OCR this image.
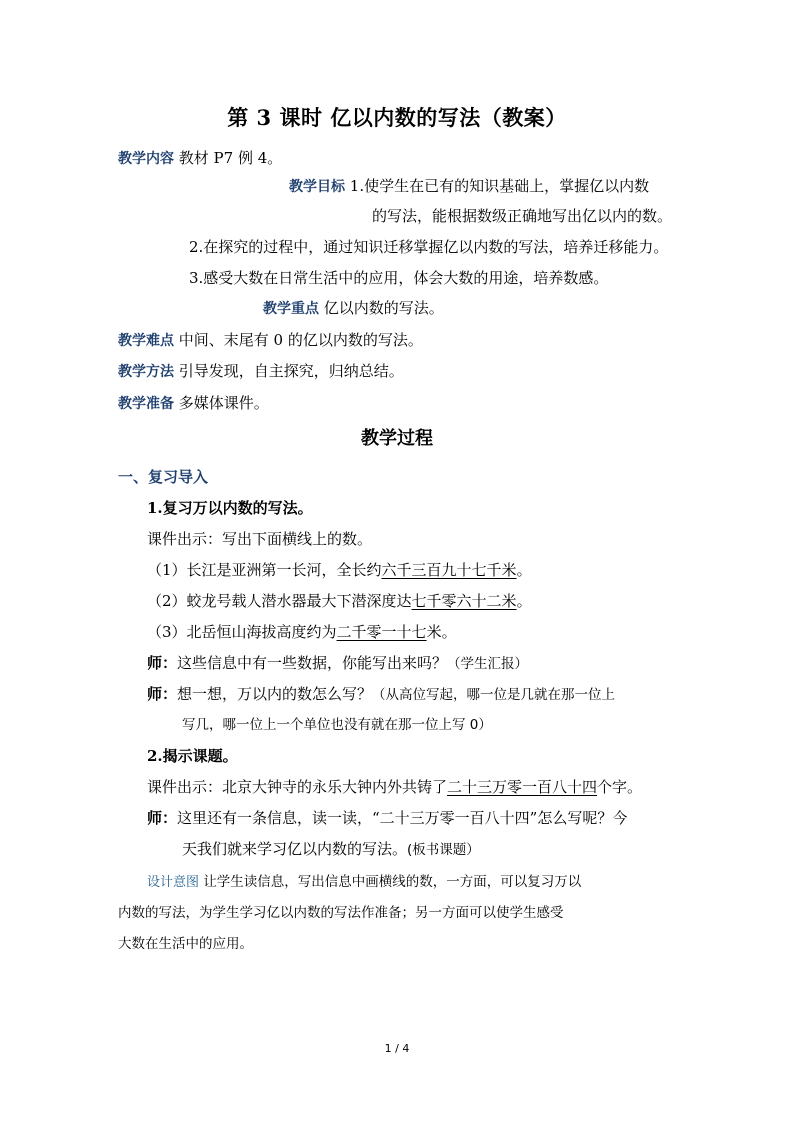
第 3 课时 亿以内数的写法（教案）
教学内容 教材 P7 例 4。
教学目标 1.使学生在已有的知识基础上，掌握亿以内数
的写法，能根据数级正确地写出亿以内的数。
2.在探究的过程中，通过知识迁移掌握亿以内数的写法，培养迁移能力。
3.感受大数在日常生活中的应用，体会大数的用途，培养数感。
教学重点 亿以内数的写法。
教学难点 中间、末尾有 0 的亿以内数的写法。
教学方法 引导发现，自主探究，归纳总结。
教学准备 多媒体课件。
教学过程
一、复习导入
1.复习万以内数的写法。
课件出示：写出下面横线上的数。
（1）长江是亚洲第一长河，全长约六千三百九十七千米。
（2）蛟龙号载人潜水器最大下潜深度达七千零六十二米。
（3）北岳恒山海拔高度约为二千零一十七米。
师：这些信息中有一些数据，你能写出来吗？（学生汇报）
师：想一想，万以内的数怎么写？（从高位写起，哪一位是几就在那一位上
写几，哪一位上一个单位也没有就在那一位上写 0）
2.揭示课题。
课件出示：北京大钟寺的永乐大钟内外共铸了二十三万零一百八十四个字。
师：这里还有一条信息，读一读，“二十三万零一百八十四”怎么写呢？今
天我们就来学习亿以内数的写法。(板书课题）
设计意图 让学生读信息，写出信息中画横线的数，一方面，可以复习万以
内数的写法，为学生学习亿以内数的写法作准备；另一方面可以使学生感受
大数在生活中的应用。
1 / 4
